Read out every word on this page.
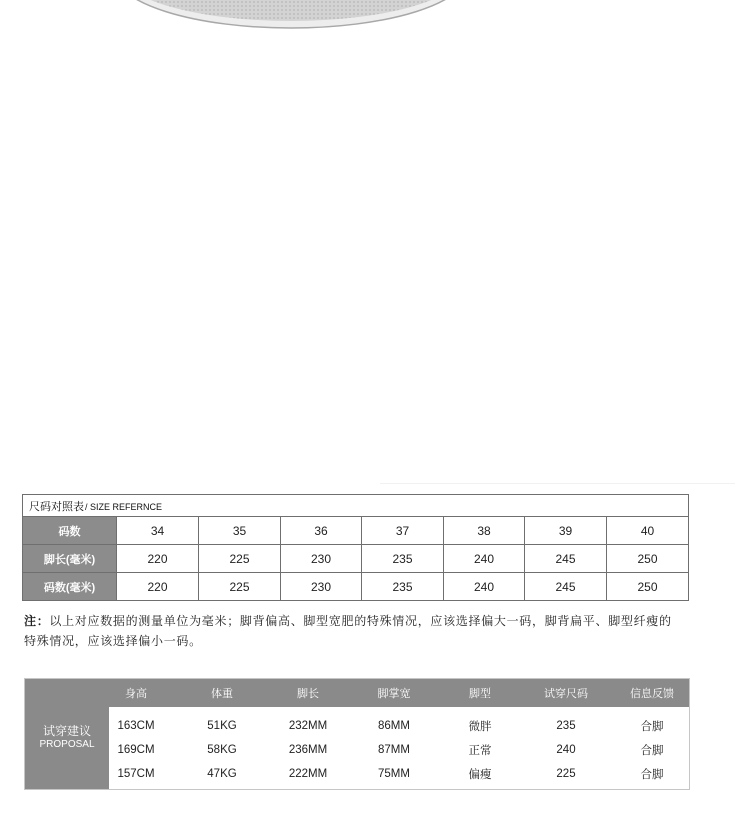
尺码对照表/ SIZE REFERNCE							
码数	34	35	36	37	38	39	40
脚长(毫米)	220	225	230	235	240	245	250
码数(毫米)	220	225	230	235	240	245	250
注：以上对应数据的测量单位为毫米；脚背偏高、脚型宽肥的特殊情况，应该选择偏大一码，脚背扁平、脚型纤瘦的
特殊情况，应该选择偏小一码。
试穿建议
PROPOSAL
身高	体重	脚长	脚掌宽	脚型	试穿尺码	信息反馈
163CM	51KG	232MM	86MM	微胖	235	合脚
169CM	58KG	236MM	87MM	正常	240	合脚
157CM	47KG	222MM	75MM	偏瘦	225	合脚
